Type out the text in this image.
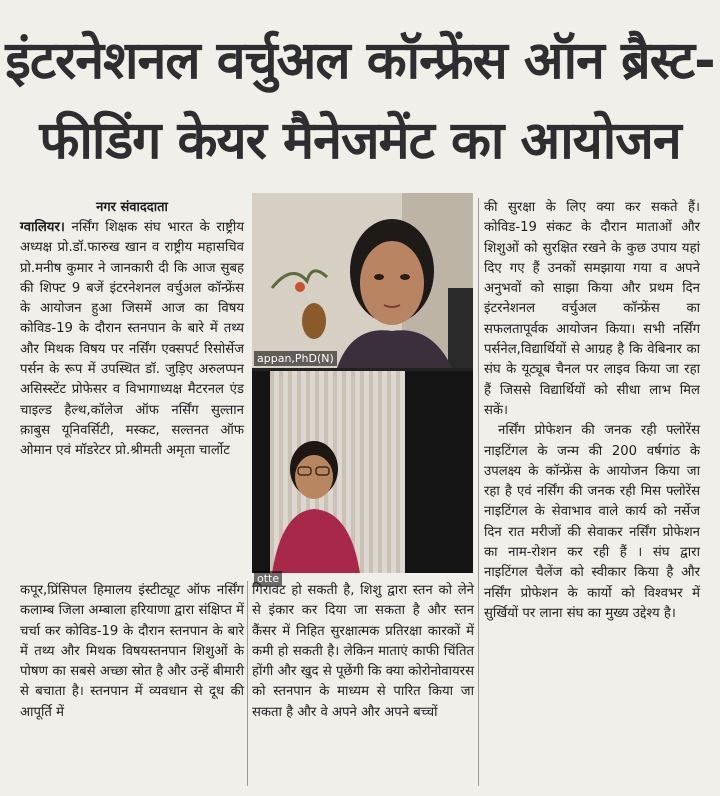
इंटरनेशनल वर्चुअल कॉन्फ्रेंस ऑन ब्रैस्ट-
फीडिंग केयर मैनेजमेंट का आयोजन
नगर संवाददाता

ग्वालियर। नर्सिंग शिक्षक संघ भारत के राष्ट्रीय अध्यक्ष प्रो.डॉ.फारुख खान व राष्ट्रीय महासचिव प्रो.मनीष कुमार ने जानकारी दी कि आज सुबह की शिफ्ट 9 बजें इंटरनेशनल वर्चुअल कॉन्फ्रेंस के आयोजन हुआ जिसमें आज का विषय कोविड-19 के दौरान स्तनपान के बारे में तथ्य और मिथक विषय पर नर्सिंग एक्सपर्ट रिसोर्सेज पर्सन के रूप में उपस्थित डॉ. जुड़िए अरुलप्पन असिस्स्टेंट प्रोफेसर व विभागाध्यक्ष मैटरनल एंड चाइल्ड हैल्थ,कॉलेज ऑफ नर्सिंग सुल्तान क़ाबुस यूनिवर्सिटी, मस्कट, सल्तनत ऑफ ओमान एवं मॉडरेटर प्रो.श्रीमती अमृता चार्लोट

appan,PhD(N)
otte
कपूर,प्रिंसिपल हिमालय इंस्टीट्यूट ऑफ नर्सिंग कलाम्ब जिला अम्बाला हरियाणा द्वारा संक्षिप्त में चर्चा कर कोविड-19 के दौरान स्तनपान के बारे में तथ्य और मिथक विषयस्तनपान शिशुओं के पोषण का सबसे अच्छा स्रोत है और उन्हें बीमारी से बचाता है। स्तनपान में व्यवधान से दूध की आपूर्ति में
गिरावट हो सकती है, शिशु द्वारा स्तन को लेने से इंकार कर दिया जा सकता है और स्तन कैंसर में निहित सुरक्षात्मक प्रतिरक्षा कारकों में कमी हो सकती है। लेकिन माताएं काफी चिंतित होंगी और खुद से पूछेंगी कि क्या कोरोनोवायरस को स्तनपान के माध्यम से पारित किया जा सकता है और वे अपने और अपने बच्चों

की सुरक्षा के लिए क्या कर सकते हैं। कोविड-19 संकट के दौरान माताओं और शिशुओं को सुरक्षित रखने के कुछ उपाय यहां दिए गए हैं उनकों समझाया गया व अपने अनुभवों को साझा किया और प्रथम दिन इंटरनेशनल वर्चुअल कॉन्फ्रेंस का सफलतापूर्वक आयोजन किया। सभी नर्सिंग पर्सनेल,विद्यार्थियों से आग्रह है कि वेबिनार का संघ के यूट्यूब चैनल पर लाइव किया जा रहा हैं जिससे विद्यार्थियों को सीधा लाभ मिल सकें।

नर्सिंग प्रोफेशन की जनक रही फ्लोरेंस नाइटिंगल के जन्म की 200 वर्षगांठ के उपलक्ष्य के कॉन्फ्रेंस के आयोजन किया जा रहा है एवं नर्सिंग की जनक रही मिस फ्लोरेंस नाइटिंगल के सेवाभाव वाले कार्य को नर्सेज दिन रात मरीजों की सेवाकर नर्सिंग प्रोफेशन का नाम-रोशन कर रही हैं । संघ द्वारा नाइटिंगल चैलेंज को स्वीकार किया है और नर्सिंग प्रोफेशन के कार्यो को विश्वभर में सुर्खियों पर लाना संघ का मुख्य उद्देश्य है।
